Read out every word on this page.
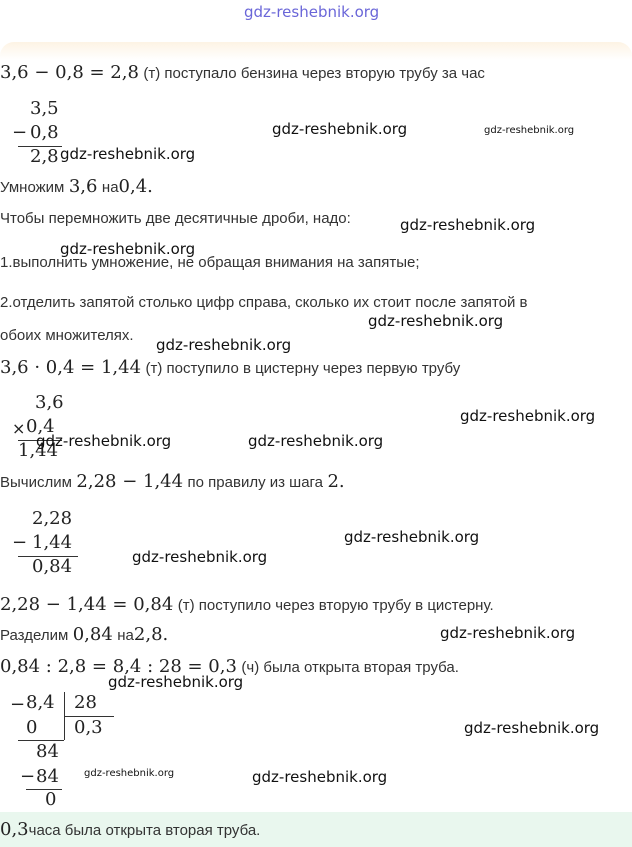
gdz-reshebnik.org
3,6 − 0,8 = 2,8 (т) поступало бензина через вторую трубу за час
3,5
− 0,8
2,8
gdz-reshebnik.org	gdz-reshebnik.org
gdz-reshebnik.org
Умножим 3,6 на0,4.
Чтобы перемножить две десятичные дроби, надо:	gdz-reshebnik.org
gdz-reshebnik.org
1.выполнить умножение, не обращая внимания на запятые;
2.отделить запятой столько цифр справа, сколько их стоит после запятой в
gdz-reshebnik.org
обоих множителях.
gdz-reshebnik.org
3,6 · 0,4 = 1,44 (т) поступило в цистерну через первую трубу
3,6
× 0,4
1,44
gdz-reshebnik.org
gdz-reshebnik.org	gdz-reshebnik.org
Вычислим 2,28 − 1,44 по правилу из шага 2.
2,28
− 1,44
0,84
gdz-reshebnik.org
gdz-reshebnik.org
2,28 − 1,44 = 0,84 (т) поступило через вторую трубу в цистерну.
Разделим 0,84 на2,8.	gdz-reshebnik.org
0,84 : 2,8 = 8,4 : 28 = 0,3 (ч) была открыта вторая труба.
gdz-reshebnik.org
− 8,4 28
0 0,3
84
− 84
0
gdz-reshebnik.org
gdz-reshebnik.org	gdz-reshebnik.org
0,3часа была открыта вторая труба.
